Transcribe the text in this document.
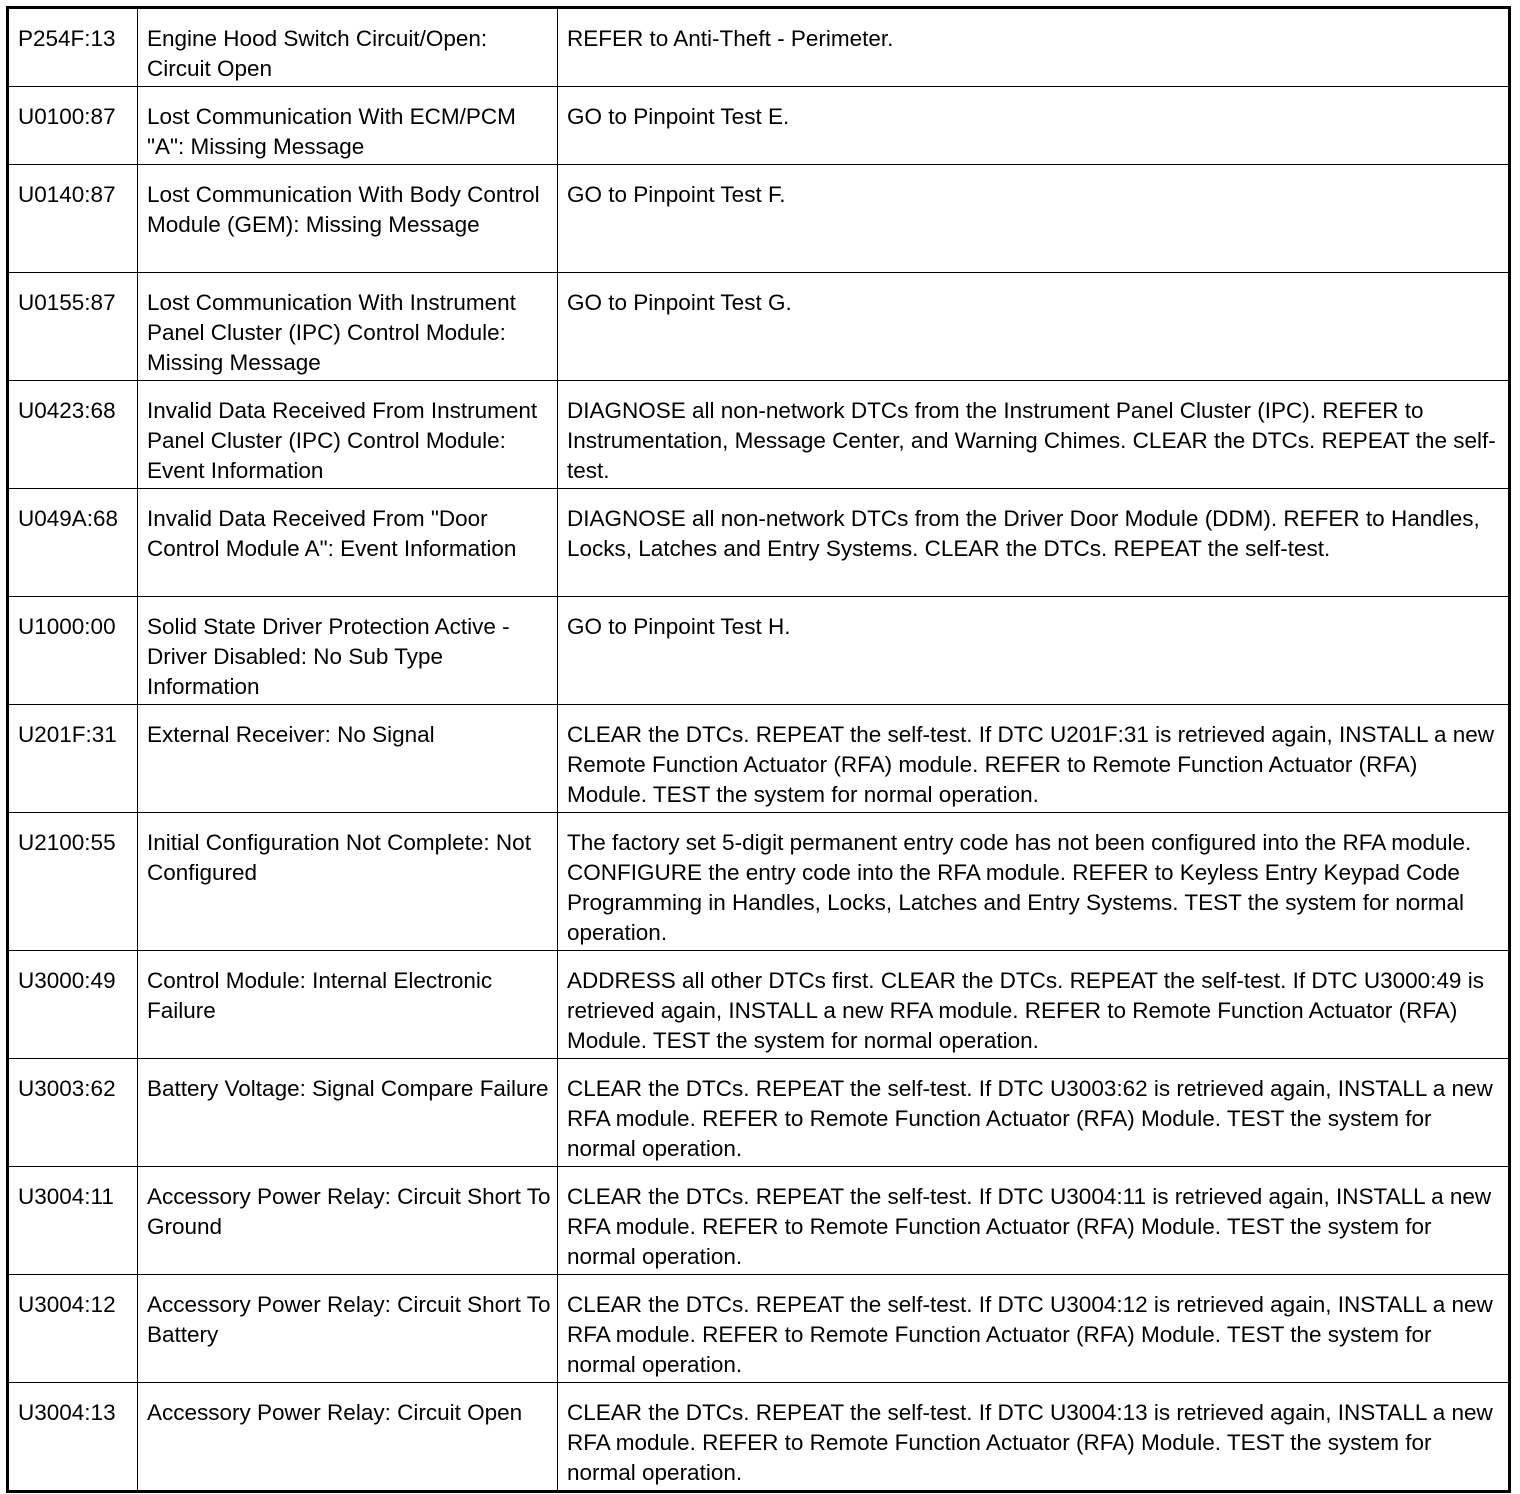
P254F:13	Engine Hood Switch Circuit/Open: Circuit Open	REFER to Anti-Theft - Perimeter.
U0100:87	Lost Communication With ECM/PCM "A": Missing Message	GO to Pinpoint Test E.
U0140:87	Lost Communication With Body Control Module (GEM): Missing Message	GO to Pinpoint Test F.
U0155:87	Lost Communication With Instrument Panel Cluster (IPC) Control Module: Missing Message	GO to Pinpoint Test G.
U0423:68	Invalid Data Received From Instrument Panel Cluster (IPC) Control Module: Event Information	DIAGNOSE all non-network DTCs from the Instrument Panel Cluster (IPC). REFER to Instrumentation, Message Center, and Warning Chimes. CLEAR the DTCs. REPEAT the self-test.
U049A:68	Invalid Data Received From "Door Control Module A": Event Information	DIAGNOSE all non-network DTCs from the Driver Door Module (DDM). REFER to Handles, Locks, Latches and Entry Systems. CLEAR the DTCs. REPEAT the self-test.
U1000:00	Solid State Driver Protection Active - Driver Disabled: No Sub Type Information	GO to Pinpoint Test H.
U201F:31	External Receiver: No Signal	CLEAR the DTCs. REPEAT the self-test. If DTC U201F:31 is retrieved again, INSTALL a new Remote Function Actuator (RFA) module. REFER to Remote Function Actuator (RFA) Module. TEST the system for normal operation.
U2100:55	Initial Configuration Not Complete: Not Configured	The factory set 5-digit permanent entry code has not been configured into the RFA module. CONFIGURE the entry code into the RFA module. REFER to Keyless Entry Keypad Code Programming in Handles, Locks, Latches and Entry Systems. TEST the system for normal operation.
U3000:49	Control Module: Internal Electronic Failure	ADDRESS all other DTCs first. CLEAR the DTCs. REPEAT the self-test. If DTC U3000:49 is retrieved again, INSTALL a new RFA module. REFER to Remote Function Actuator (RFA) Module. TEST the system for normal operation.
U3003:62	Battery Voltage: Signal Compare Failure	CLEAR the DTCs. REPEAT the self-test. If DTC U3003:62 is retrieved again, INSTALL a new RFA module. REFER to Remote Function Actuator (RFA) Module. TEST the system for normal operation.
U3004:11	Accessory Power Relay: Circuit Short To Ground	CLEAR the DTCs. REPEAT the self-test. If DTC U3004:11 is retrieved again, INSTALL a new RFA module. REFER to Remote Function Actuator (RFA) Module. TEST the system for normal operation.
U3004:12	Accessory Power Relay: Circuit Short To Battery	CLEAR the DTCs. REPEAT the self-test. If DTC U3004:12 is retrieved again, INSTALL a new RFA module. REFER to Remote Function Actuator (RFA) Module. TEST the system for normal operation.
U3004:13	Accessory Power Relay: Circuit Open	CLEAR the DTCs. REPEAT the self-test. If DTC U3004:13 is retrieved again, INSTALL a new RFA module. REFER to Remote Function Actuator (RFA) Module. TEST the system for normal operation.
